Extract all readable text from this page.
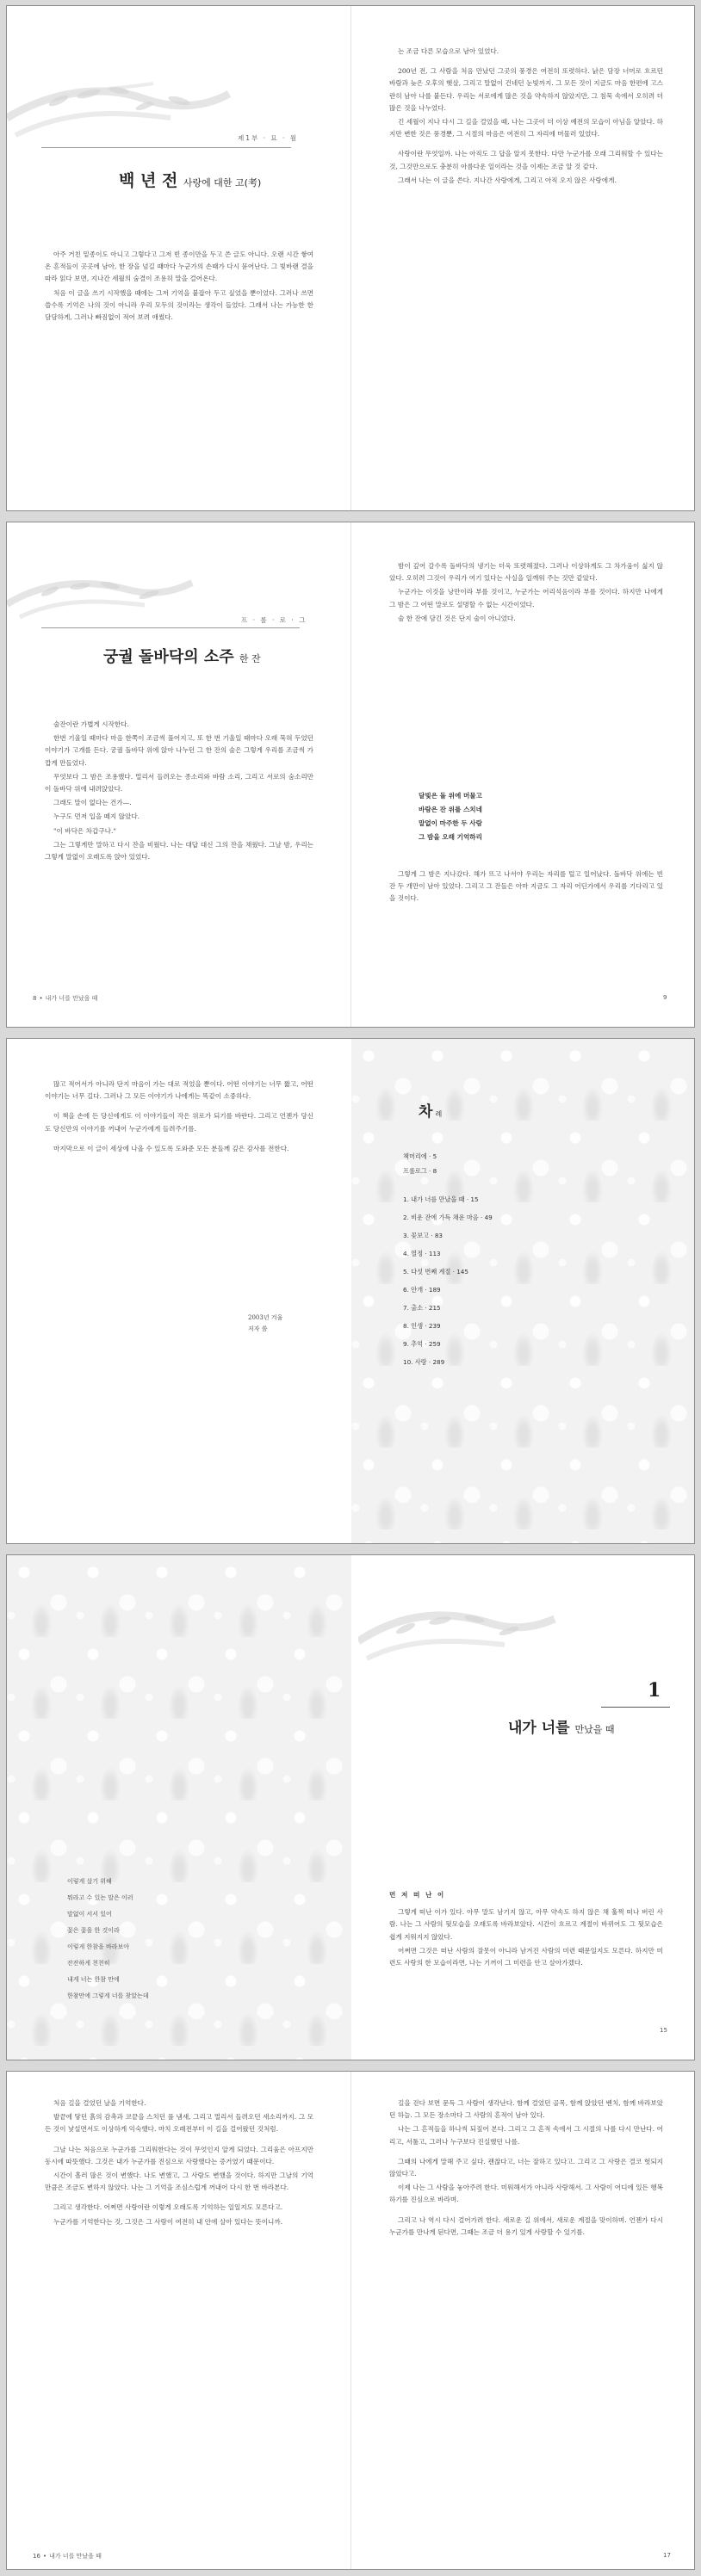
제1부 · 묘 · 월
백 년 전 사랑에 대한 고(考)

아주 거친 밑종이도 아니고 그렇다고 그저 빈 종이만을 두고 쓴 글도 아니다. 오랜 시간 쌓여 온 흔적들이 곳곳에 남아, 한 장을 넘길 때마다 누군가의 손때가 다시 묻어난다. 그 빛바랜 결을 따라 읽다 보면, 지나간 세월의 숨결이 조용히 말을 걸어온다.

처음 이 글을 쓰기 시작했을 때에는 그저 기억을 붙잡아 두고 싶었을 뿐이었다. 그러나 쓰면 쓸수록 기억은 나의 것이 아니라 우리 모두의 것이라는 생각이 들었다. 그래서 나는 가능한 한 담담하게, 그러나 빠짐없이 적어 보려 애썼다.

는 조금 다른 모습으로 남아 있었다.

200년 전, 그 사람을 처음 만났던 그곳의 풍경은 여전히 또렷하다. 낡은 담장 너머로 흐르던 바람과 늦은 오후의 햇살, 그리고 말없이 건네던 눈빛까지. 그 모든 것이 지금도 마음 한편에 고스란히 남아 나를 붙든다. 우리는 서로에게 많은 것을 약속하지 않았지만, 그 침묵 속에서 오히려 더 많은 것을 나누었다.

긴 세월이 지나 다시 그 길을 걸었을 때, 나는 그곳이 더 이상 예전의 모습이 아님을 알았다. 하지만 변한 것은 풍경뿐, 그 시절의 마음은 여전히 그 자리에 머물러 있었다.

사랑이란 무엇일까. 나는 아직도 그 답을 알지 못한다. 다만 누군가를 오래 그리워할 수 있다는 것, 그것만으로도 충분히 아름다운 일이라는 것을 이제는 조금 알 것 같다.

그래서 나는 이 글을 쓴다. 지나간 사랑에게, 그리고 아직 오지 않은 사랑에게.

프 · 롤 · 로 · 그
궁궐 돌바닥의 소주 한 잔

술잔이란 가볍게 시작한다.

한번 기울일 때마다 마음 한쪽이 조금씩 풀어지고, 또 한 번 기울일 때마다 오래 묵혀 두었던 이야기가 고개를 든다. 궁궐 돌바닥 위에 앉아 나누던 그 한 잔의 술은 그렇게 우리를 조금씩 가깝게 만들었다.

무엇보다 그 밤은 조용했다. 멀리서 들려오는 종소리와 바람 소리, 그리고 서로의 숨소리만이 돌바닥 위에 내려앉았다.

그래도 말이 없다는 건가—.

누구도 먼저 입을 떼지 않았다.

"이 바닥은 차갑구나."

그는 그렇게만 말하고 다시 잔을 비웠다. 나는 대답 대신 그의 잔을 채웠다. 그날 밤, 우리는 그렇게 말없이 오래도록 앉아 있었다.

8 • 내가 너를 만났을 때

밤이 깊어 갈수록 돌바닥의 냉기는 더욱 또렷해졌다. 그러나 이상하게도 그 차가움이 싫지 않았다. 오히려 그것이 우리가 여기 있다는 사실을 일깨워 주는 것만 같았다.

누군가는 이것을 낭만이라 부를 것이고, 누군가는 어리석음이라 부를 것이다. 하지만 나에게 그 밤은 그 어떤 말로도 설명할 수 없는 시간이었다.

술 한 잔에 담긴 것은 단지 술이 아니었다.

달빛은 돌 위에 머물고
바람은 잔 위를 스치네
말없이 마주한 두 사람
그 밤을 오래 기억하리

그렇게 그 밤은 지나갔다. 해가 뜨고 나서야 우리는 자리를 털고 일어났다. 돌바닥 위에는 빈 잔 두 개만이 남아 있었다. 그리고 그 잔들은 아마 지금도 그 자리 어딘가에서 우리를 기다리고 있을 것이다.

9

많고 적어서가 아니라 단지 마음이 가는 대로 적었을 뿐이다. 어떤 이야기는 너무 짧고, 어떤 이야기는 너무 길다. 그러나 그 모든 이야기가 나에게는 똑같이 소중하다.

이 책을 손에 든 당신에게도 이 이야기들이 작은 위로가 되기를 바란다. 그리고 언젠가 당신도 당신만의 이야기를 꺼내어 누군가에게 들려주기를.

마지막으로 이 글이 세상에 나올 수 있도록 도와준 모든 분들께 깊은 감사를 전한다.

2003년 겨울
저자 씀
차례
책머리에 · 5
프롤로그 · 8
1. 내가 너를 만났을 때 · 15
2. 비운 잔에 가득 채운 마음 · 49
3. 꽃보고 · 83
4. 열정 · 113
5. 다섯 번째 계절 · 145
6. 안개 · 189
7. 출소 · 215
8. 인생 · 239
9. 추억 · 259
10. 사랑 · 289
이렇게 살기 위해
뭐라고 수 있는 말은 이러
말없이 서서 있어
꽃은 꽃을 한 것이라
이렇게 한참을 바라보아
잔잔하게 천천히
내게 너는 한참 만에
한참만에 그렇게 너를 찾았는데
1
내가 너를 만났을 때

먼 저 떠 난 이

그렇게 떠난 이가 있다. 아무 말도 남기지 않고, 아무 약속도 하지 않은 채 훌쩍 떠나 버린 사람. 나는 그 사람의 뒷모습을 오래도록 바라보았다. 시간이 흐르고 계절이 바뀌어도 그 뒷모습은 쉽게 지워지지 않았다.

어쩌면 그것은 떠난 사람의 잘못이 아니라 남겨진 사람의 미련 때문일지도 모른다. 하지만 미련도 사랑의 한 모습이라면, 나는 기꺼이 그 미련을 안고 살아가겠다.

15

처음 길을 걸었던 날을 기억한다.

발끝에 닿던 흙의 감촉과 코끝을 스치던 풀 냄새, 그리고 멀리서 들려오던 새소리까지. 그 모든 것이 낯설면서도 이상하게 익숙했다. 마치 오래전부터 이 길을 걸어왔던 것처럼.

그날 나는 처음으로 누군가를 그리워한다는 것이 무엇인지 알게 되었다. 그리움은 아프지만 동시에 따뜻했다. 그것은 내가 누군가를 진심으로 사랑했다는 증거였기 때문이다.

시간이 흘러 많은 것이 변했다. 나도 변했고, 그 사람도 변했을 것이다. 하지만 그날의 기억만큼은 조금도 변하지 않았다. 나는 그 기억을 조심스럽게 꺼내어 다시 한 번 바라본다.

그리고 생각한다. 어쩌면 사랑이란 이렇게 오래도록 기억하는 일일지도 모른다고.

누군가를 기억한다는 것, 그것은 그 사람이 여전히 내 안에 살아 있다는 뜻이니까.

16 • 내가 너를 만났을 때

길을 걷다 보면 문득 그 사람이 생각난다. 함께 걸었던 골목, 함께 앉았던 벤치, 함께 바라보았던 하늘. 그 모든 장소마다 그 사람의 흔적이 남아 있다.

나는 그 흔적들을 하나씩 되짚어 본다. 그리고 그 흔적 속에서 그 시절의 나를 다시 만난다. 어리고, 서툴고, 그러나 누구보다 진실했던 나를.

그때의 나에게 말해 주고 싶다. 괜찮다고, 너는 잘하고 있다고. 그리고 그 사랑은 결코 헛되지 않았다고.

이제 나는 그 사람을 놓아주려 한다. 미워해서가 아니라 사랑해서. 그 사람이 어디에 있든 행복하기를 진심으로 바라며.

그리고 나 역시 다시 걸어가려 한다. 새로운 길 위에서, 새로운 계절을 맞이하며. 언젠가 다시 누군가를 만나게 된다면, 그때는 조금 더 용기 있게 사랑할 수 있기를.

17
